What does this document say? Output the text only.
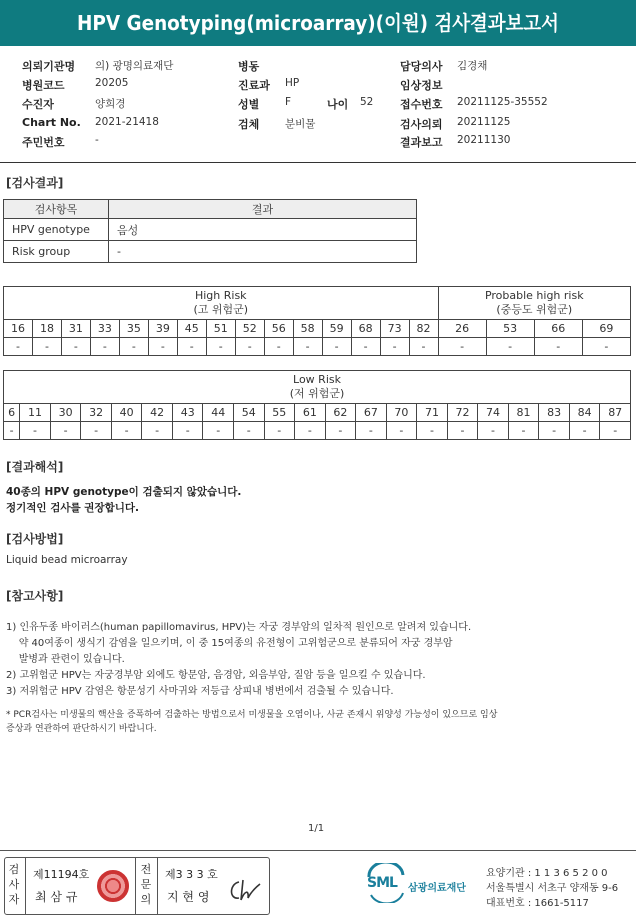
HPV Genotyping(microarray)(이원) 검사결과보고서
의뢰기관명 의) 광명의료재단
병원코드	20205
수진자	양희경
Chart No. 2021-21418
주민번호	-
병동
진료과 HP
성별 F	나이 52
검체 분비물
담당의사 김경채
임상정보
접수번호 20211125-35552
검사의뢰 20211125
결과보고 20211130
[검사결과]
검사항목	결과
HPV genotype	음성
Risk group	-
High Risk
(고 위험군)															Probable high risk
(중등도 위험군)			
16	18	31	33	35	39	45	51	52	56	58	59	68	73	82	26	53	66	69
-	-	-	-	-	-	-	-	-	-	-	-	-	-	-	-	-	-	-
Low Risk
(저 위험군)																				
6	11	30	32	40	42	43	44	54	55	61	62	67	70	71	72	74	81	83	84	87
-	-	-	-	-	-	-	-	-	-	-	-	-	-	-	-	-	-	-	-	-
[결과해석]
40종의 HPV genotype이 검출되지 않았습니다.
정기적인 검사를 권장합니다.
[검사방법]
Liquid bead microarray
[참고사항]
1) 인유두종 바이러스(human papillomavirus, HPV)는 자궁 경부암의 일차적 원인으로 알려져 있습니다.
약 40여종이 생식기 감염을 일으키며, 이 중 15여종의 유전형이 고위험군으로 분류되어 자궁 경부암
발병과 관련이 있습니다.
2) 고위험군 HPV는 자궁경부암 외에도 항문암, 음경암, 외음부암, 질암 등을 일으킬 수 있습니다.
3) 저위험군 HPV 감염은 항문성기 사마귀와 저등급 상피내 병변에서 검출될 수 있습니다.
* PCR검사는 미생물의 핵산을 증폭하여 검출하는 방법으로서 미생물을 오염이나, 사균 존재시 위양성 가능성이 있으므로 임상
증상과 연관하여 판단하시기 바랍니다.
1/1
검사자
제11194호
최 삼 규
전문의
제3 3 3 호
지 현 영
SML 삼광의료재단
요양기관 : 1 1 3 6 5 2 0 0
서울특별시 서초구 양재동 9-6
대표번호 : 1661-5117
